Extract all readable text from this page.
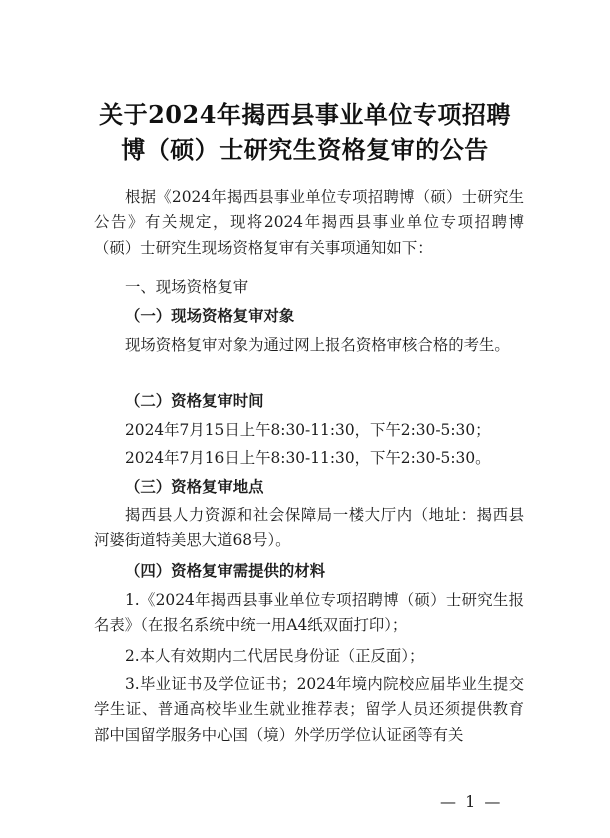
关于2024年揭西县事业单位专项招聘
博（硕）士研究生资格复审的公告
根据《2024年揭西县事业单位专项招聘博（硕）士研究生公告》有关规定，现将2024年揭西县事业单位专项招聘博（硕）士研究生现场资格复审有关事项通知如下：
一、现场资格复审
（一）现场资格复审对象
现场资格复审对象为通过网上报名资格审核合格的考生。
（二）资格复审时间
2024年7月15日上午8:30-11:30，下午2:30-5:30；
2024年7月16日上午8:30-11:30，下午2:30-5:30。
（三）资格复审地点
揭西县人力资源和社会保障局一楼大厅内（地址：揭西县河婆街道特美思大道68号）。
（四）资格复审需提供的材料
1.《2024年揭西县事业单位专项招聘博（硕）士研究生报名表》（在报名系统中统一用A4纸双面打印）；
2.本人有效期内二代居民身份证（正反面）；
3.毕业证书及学位证书；2024年境内院校应届毕业生提交学生证、普通高校毕业生就业推荐表；留学人员还须提供教育部中国留学服务中心国（境）外学历学位认证函等有关
— 1 —
